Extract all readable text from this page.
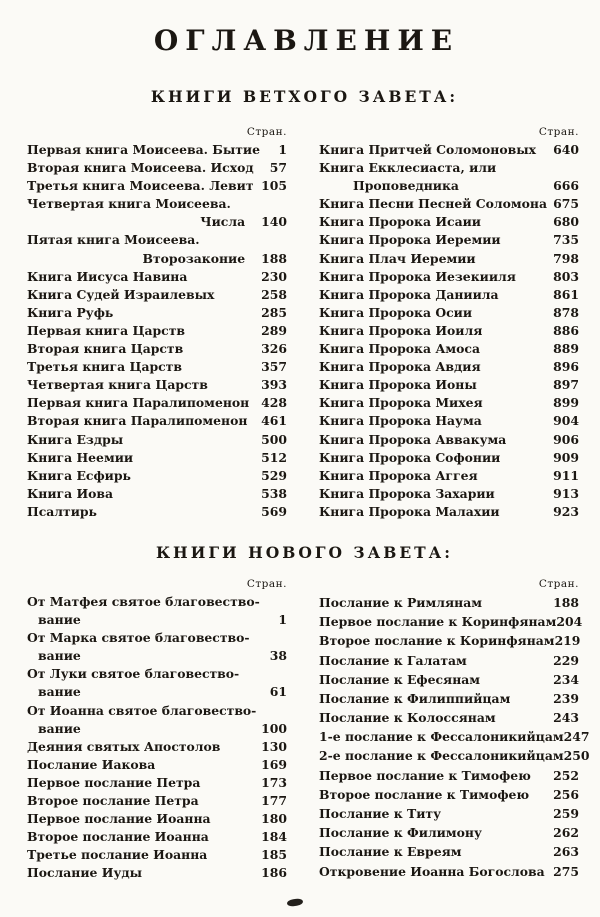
ОГЛАВЛЕНИЕ
КНИГИ ВЕТХОГО ЗАВЕТА:
Стран.
Первая книга Моисеева. Бытие 1
Вторая книга Моисеева. Исход 57
Третья книга Моисеева. Левит 105
Четвертая книга Моисеева.
Числа 140
Пятая книга Моисеева.
Второзаконие 188
Книга Иисуса Навина	230
Книга Судей Израилевых	258
Книга Руфь	285
Первая книга Царств	289
Вторая книга Царств	326
Третья книга Царств	357
Четвертая книга Царств	393
Первая книга Паралипоменон 428
Вторая книга Паралипоменон 461
Книга Ездры	500
Книга Неемии	512
Книга Есфирь	529
Книга Иова	538
Псалтирь	569
Стран.
Книга Притчей Соломоновых 640
Книга Екклесиаста, или
Проповедника	666
Книга Песни Песней Соломона 675
Книга Пророка Исаии	680
Книга Пророка Иеремии	735
Книга Плач Иеремии	798
Книга Пророка Иезекииля	803
Книга Пророка Даниила	861
Книга Пророка Осии	878
Книга Пророка Иоиля	886
Книга Пророка Амоса	889
Книга Пророка Авдия	896
Книга Пророка Ионы	897
Книга Пророка Михея	899
Книга Пророка Наума	904
Книга Пророка Аввакума	906
Книга Пророка Софонии	909
Книга Пророка Аггея	911
Книга Пророка Захарии	913
Книга Пророка Малахии	923
КНИГИ НОВОГО ЗАВЕТА:
Стран.
От Матфея святое благовество-
вание	1
От Марка святое благовество-
вание	38
От Луки святое благовество-
вание	61
От Иоанна святое благовество-
вание	100
Деяния святых Апостолов	130
Послание Иакова	169
Первое послание Петра	173
Второе послание Петра	177
Первое послание Иоанна	180
Второе послание Иоанна	184
Третье послание Иоанна	185
Послание Иуды	186
Стран.
Послание к Римлянам	188
Первое послание к Коринфянам 204
Второе послание к Коринфянам 219
Послание к Галатам	229
Послание к Ефесянам	234
Послание к Филиппийцам	239
Послание к Колоссянам	243
1-е послание к Фессалоникийцам 247
2-е послание к Фессалоникийцам 250
Первое послание к Тимофею 252
Второе послание к Тимофею 256
Послание к Титу	259
Послание к Филимону	262
Послание к Евреям	263
Откровение Иоанна Богослова 275
